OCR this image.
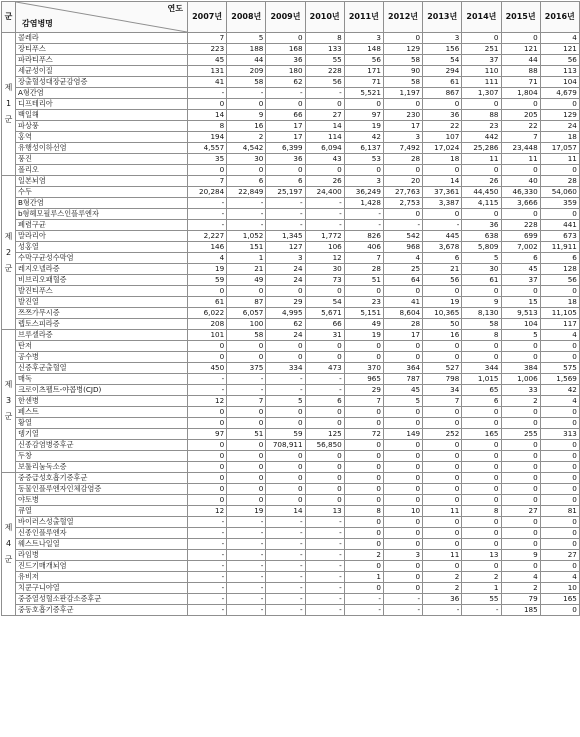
군	연도
감염병명	2007년	2008년	2009년	2010년	2011년	2012년	2013년	2014년	2015년	2016년

제
1
군	콜레라	7	5	0	8	3	0	3	0	0	4
	장티푸스	223	188	168	133	148	129	156	251	121	121
	파라티푸스	45	44	36	55	56	58	54	37	44	56
	세균성이질	131	209	180	228	171	90	294	110	88	113
	장출혈성대장균감염증	41	58	62	56	71	58	61	111	71	104
	A형간염	-	-	-	-	5,521	1,197	867	1,307	1,804	4,679
	디프테리아	0	0	0	0	0	0	0	0	0	0
	백일해	14	9	66	27	97	230	36	88	205	129
	파상풍	8	16	17	14	19	17	22	23	22	24
	홍역	194	2	17	114	42	3	107	442	7	18
	유행성이하선염	4,557	4,542	6,399	6,094	6,137	7,492	17,024	25,286	23,448	17,057
	풍진	35	30	36	43	53	28	18	11	11	11
	폴리오	0	0	0	0	0	0	0	0	0	0

제
2
군	일본뇌염	7	6	6	26	3	20	14	26	40	28
	수두	20,284	22,849	25,197	24,400	36,249	27,763	37,361	44,450	46,330	54,060
	B형간염	-	-	-	-	1,428	2,753	3,387	4,115	3,666	359
	b형헤모필루스인플루엔자	-	-	-	-	-	0	0	0	0	0
	폐렴구균	-	-	-	-	-	-	-	36	228	441
	말라리아	2,227	1,052	1,345	1,772	826	542	445	638	699	673
	성홍열	146	151	127	106	406	968	3,678	5,809	7,002	11,911
	수막구균성수막염	4	1	3	12	7	4	6	5	6	6
	레지오넬라증	19	21	24	30	28	25	21	30	45	128
	비브리오패혈증	59	49	24	73	51	64	56	61	37	56
	발진티푸스	0	0	0	0	0	0	0	0	0	0
	발진열	61	87	29	54	23	41	19	9	15	18
	쯔쯔가무시증	6,022	6,057	4,995	5,671	5,151	8,604	10,365	8,130	9,513	11,105
	렙토스피라증	208	100	62	66	49	28	50	58	104	117

제
3
군	브루셀라증	101	58	24	31	19	17	16	8	5	4
	탄저	0	0	0	0	0	0	0	0	0	0
	공수병	0	0	0	0	0	0	0	0	0	0
	신증후군출혈열	450	375	334	473	370	364	527	344	384	575
	매독	-	-	-	-	965	787	798	1,015	1,006	1,569
	크로이츠펠트-야콥병(CJD)	-	-	-	-	29	45	34	65	33	42
	한센병	12	7	5	6	7	5	7	6	2	4
	페스트	0	0	0	0	0	0	0	0	0	0
	황열	0	0	0	0	0	0	0	0	0	0
	뎅기열	97	51	59	125	72	149	252	165	255	313
	신종감염병증후군	0	0	708,911	56,850	0	0	0	0	0	0
	두창	0	0	0	0	0	0	0	0	0	0
	보툴리눔독소증	0	0	0	0	0	0	0	0	0	0

제
4
군	중증급성호흡기증후군	0	0	0	0	0	0	0	0	0	0
	동물인플루엔자인체감염증	0	0	0	0	0	0	0	0	0	0
	야토병	0	0	0	0	0	0	0	0	0	0
	큐열	12	19	14	13	8	10	11	8	27	81
	바이러스성출혈열	-	-	-	-	0	0	0	0	0	0
	신종인플루엔자	-	-	-	-	0	0	0	0	0	0
	웨스트나일열	-	-	-	-	0	0	0	0	0	0
	라임병	-	-	-	-	2	3	11	13	9	27
	진드기매개뇌염	-	-	-	-	0	0	0	0	0	0
	유비저	-	-	-	-	1	0	2	2	4	4
	치쿤구니야열	-	-	-	-	0	0	2	1	2	10
	중증열성혈소판감소증후군	-	-	-	-	-	-	36	55	79	165
	중동호흡기증후군	-	-	-	-	-	-	-	-	185	0
